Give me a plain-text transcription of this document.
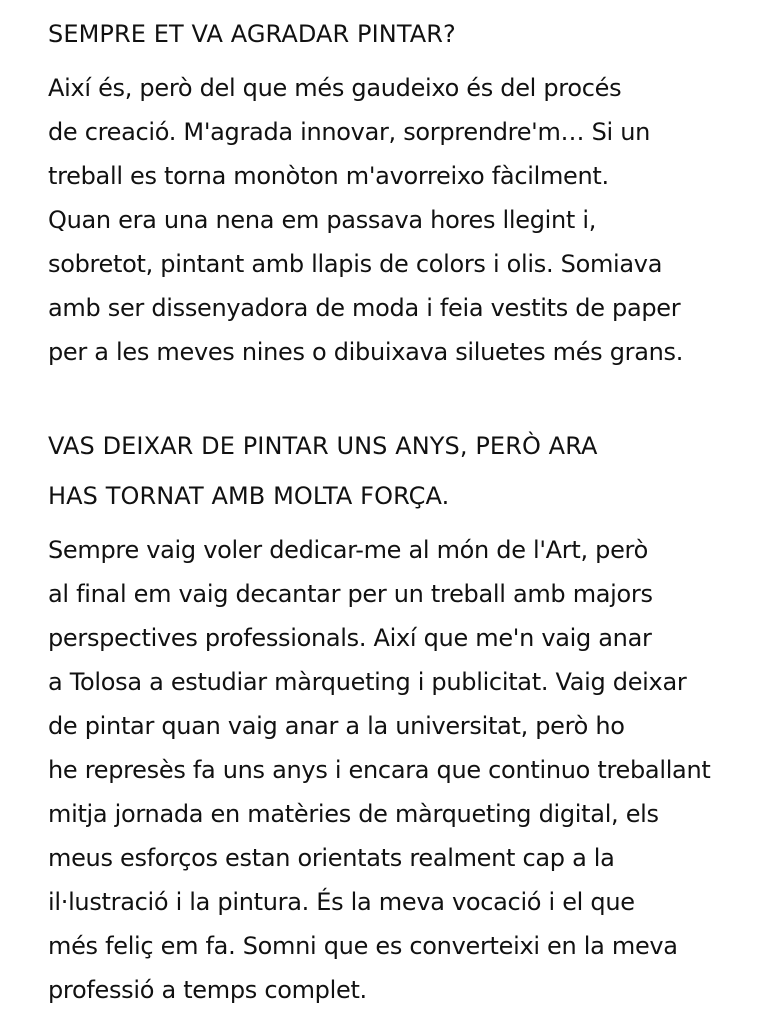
SEMPRE ET VA AGRADAR PINTAR?
Així és, però del que més gaudeixo és del procés
de creació. M'agrada innovar, sorprendre'm… Si un
treball es torna monòton m'avorreixo fàcilment.
Quan era una nena em passava hores llegint i,
sobretot, pintant amb llapis de colors i olis. Somiava
amb ser dissenyadora de moda i feia vestits de paper
per a les meves nines o dibuixava siluetes més grans.
VAS DEIXAR DE PINTAR UNS ANYS, PERÒ ARA
HAS TORNAT AMB MOLTA FORÇA.
Sempre vaig voler dedicar-me al món de l'Art, però
al final em vaig decantar per un treball amb majors
perspectives professionals. Així que me'n vaig anar
a Tolosa a estudiar màrqueting i publicitat. Vaig deixar
de pintar quan vaig anar a la universitat, però ho
he represès fa uns anys i encara que continuo treballant
mitja jornada en matèries de màrqueting digital, els
meus esforços estan orientats realment cap a la
il·lustració i la pintura. És la meva vocació i el que
més feliç em fa. Somni que es converteixi en la meva
professió a temps complet.
